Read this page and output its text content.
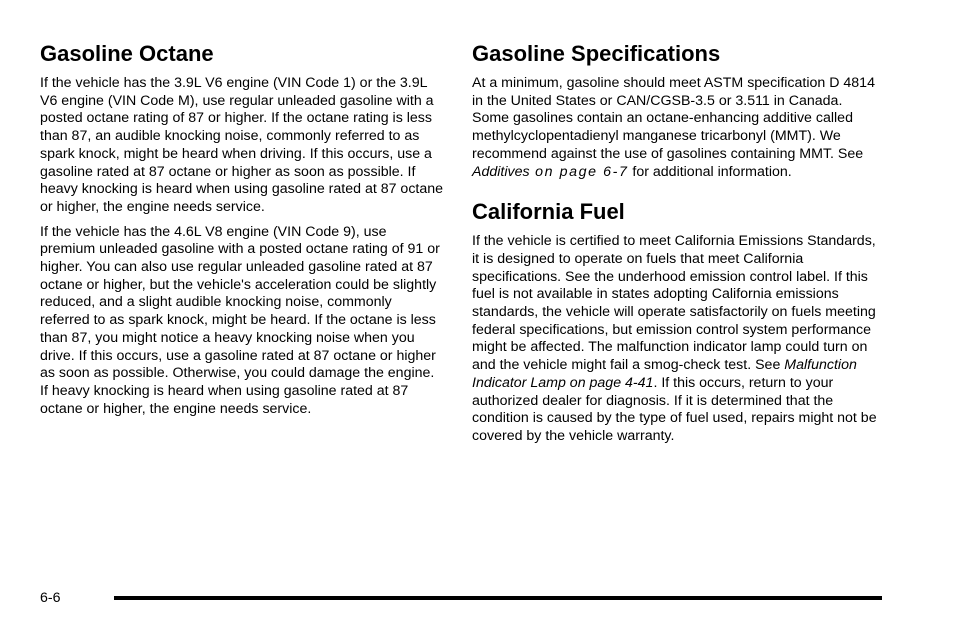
Gasoline Octane

If the vehicle has the 3.9L V6 engine (VIN Code 1) or the 3.9L V6 engine (VIN Code M), use regular unleaded gasoline with a posted octane rating of 87 or higher. If the octane rating is less than 87, an audible knocking noise, commonly referred to as spark knock, might be heard when driving. If this occurs, use a gasoline rated at 87 octane or higher as soon as possible. If heavy knocking is heard when using gasoline rated at 87 octane or higher, the engine needs service.

If the vehicle has the 4.6L V8 engine (VIN Code 9), use premium unleaded gasoline with a posted octane rating of 91 or higher. You can also use regular unleaded gasoline rated at 87 octane or higher, but the vehicle's acceleration could be slightly reduced, and a slight audible knocking noise, commonly referred to as spark knock, might be heard. If the octane is less than 87, you might notice a heavy knocking noise when you drive. If this occurs, use a gasoline rated at 87 octane or higher as soon as possible. Otherwise, you could damage the engine. If heavy knocking is heard when using gasoline rated at 87 octane or higher, the engine needs service.

Gasoline Specifications

At a minimum, gasoline should meet ASTM specification D 4814 in the United States or CAN/CGSB-3.5 or 3.511 in Canada. Some gasolines contain an octane-enhancing additive called methylcyclopentadienyl manganese tricarbonyl (MMT). We recommend against the use of gasolines containing MMT. See Additives on page 6-7 for additional information.

California Fuel

If the vehicle is certified to meet California Emissions Standards, it is designed to operate on fuels that meet California specifications. See the underhood emission control label. If this fuel is not available in states adopting California emissions standards, the vehicle will operate satisfactorily on fuels meeting federal specifications, but emission control system performance might be affected. The malfunction indicator lamp could turn on and the vehicle might fail a smog-check test. See Malfunction Indicator Lamp on page 4-41. If this occurs, return to your authorized dealer for diagnosis. If it is determined that the condition is caused by the type of fuel used, repairs might not be covered by the vehicle warranty.

6-6
